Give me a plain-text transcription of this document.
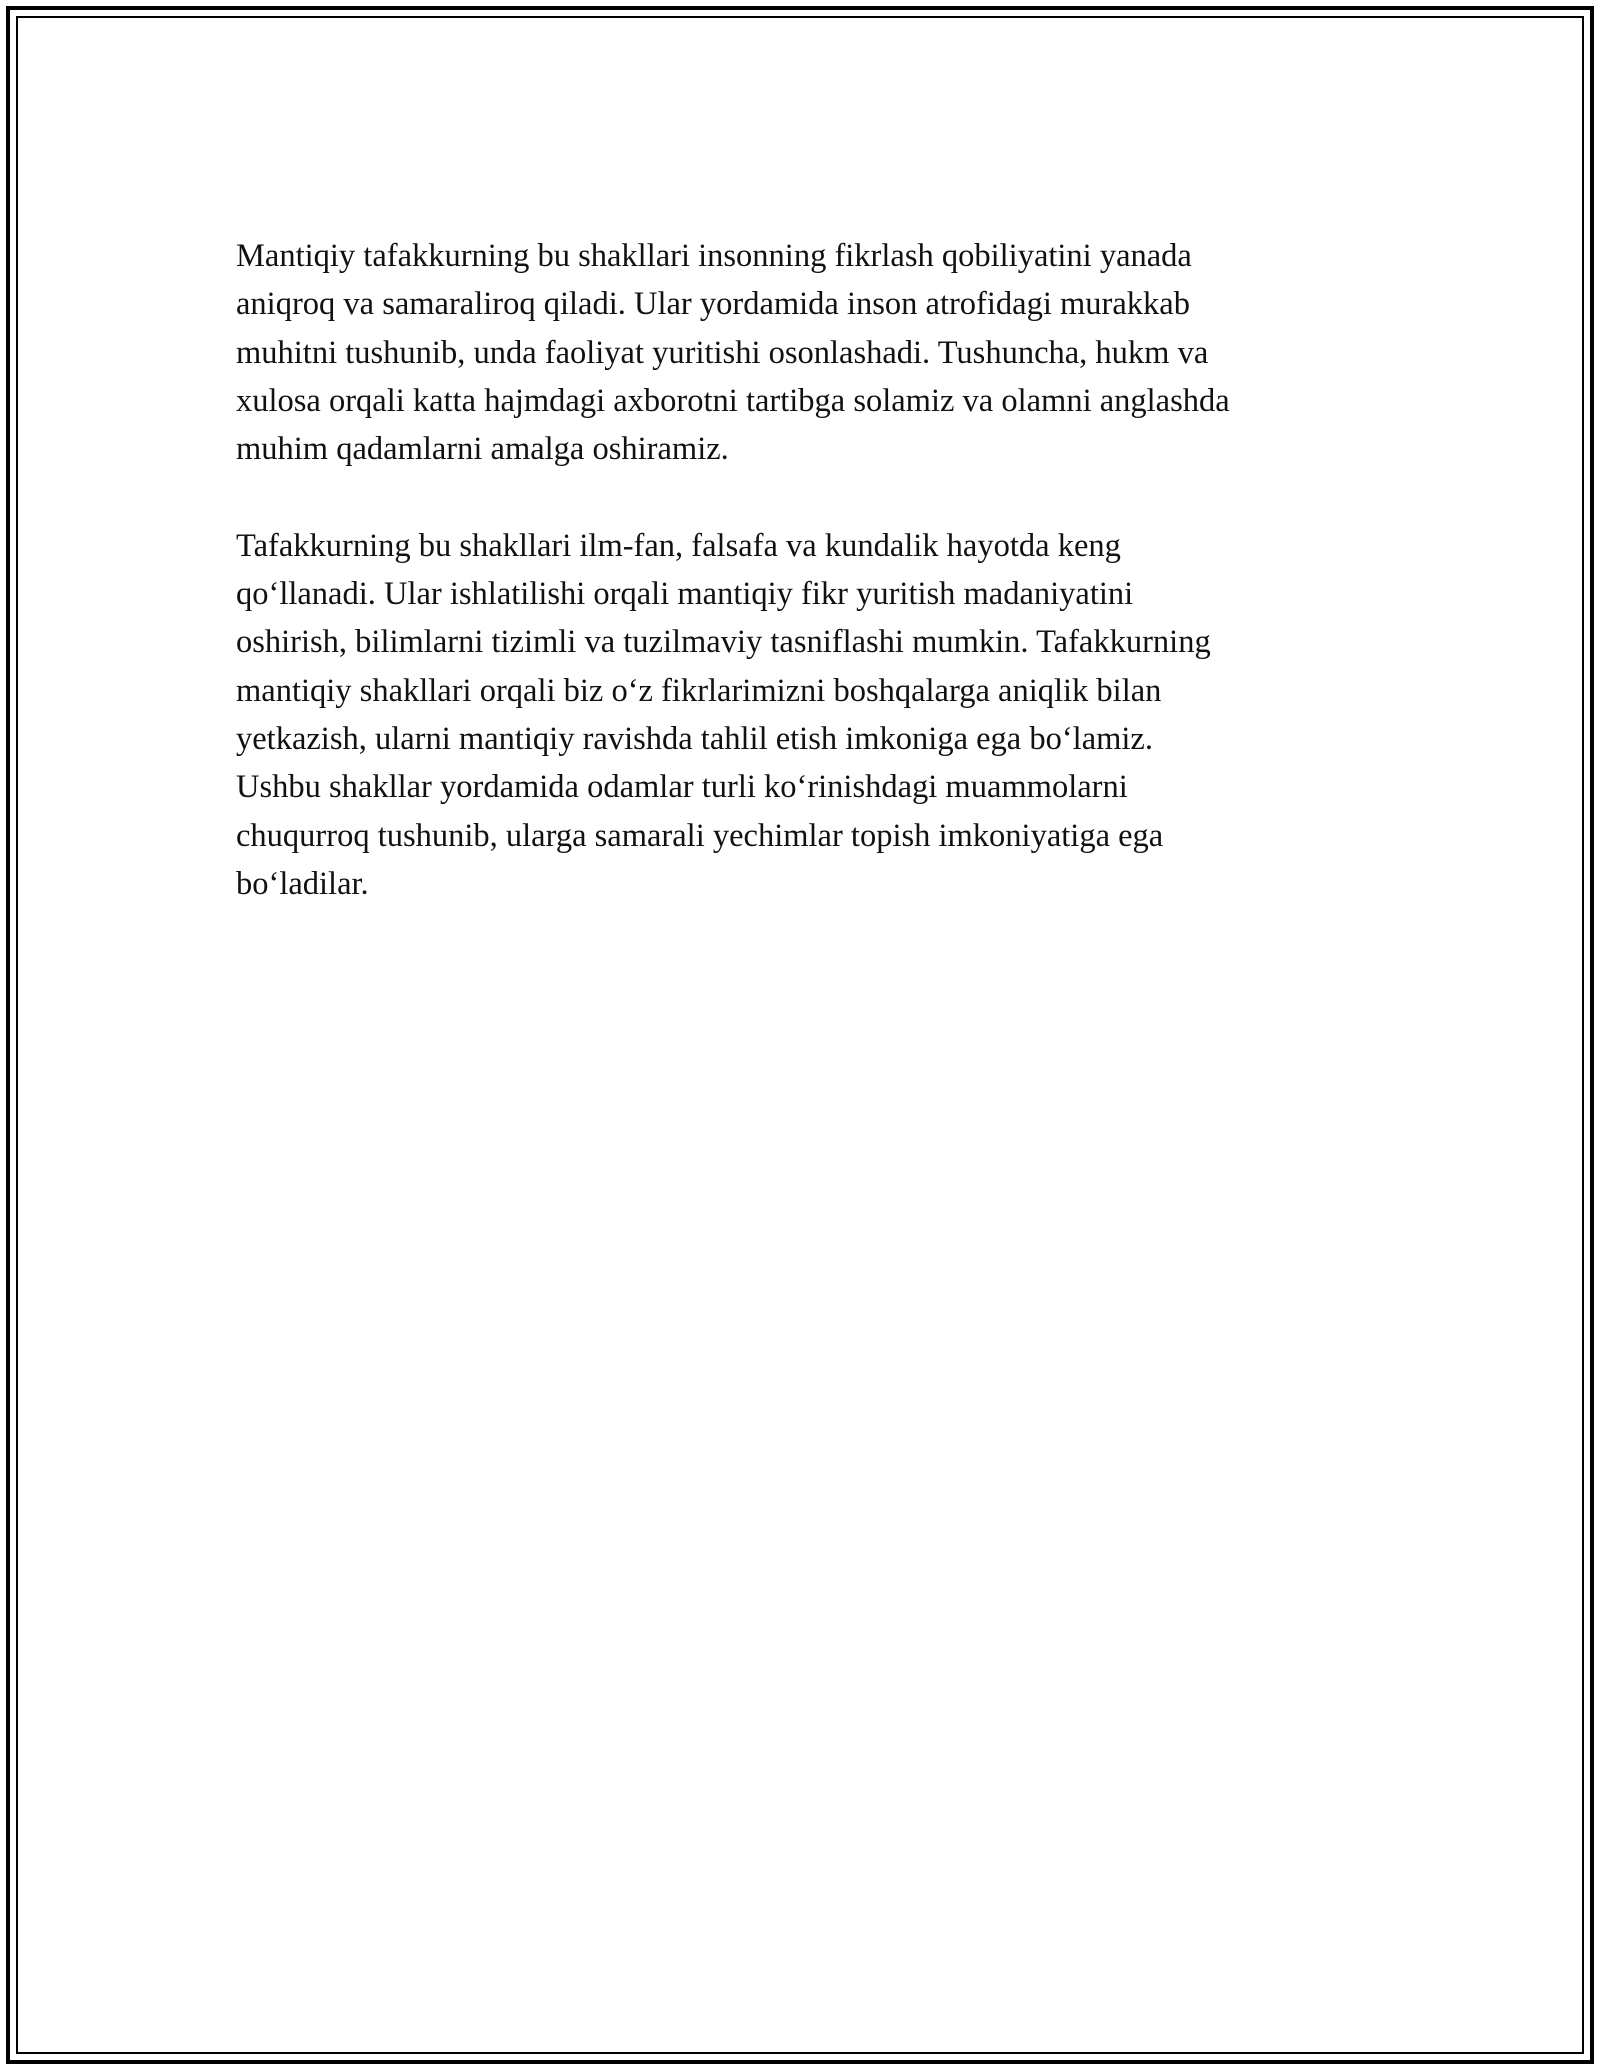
Mantiqiy tafakkurning bu shakllari insonning fikrlash qobiliyatini yanada
aniqroq va samaraliroq qiladi. Ular yordamida inson atrofidagi murakkab
muhitni tushunib, unda faoliyat yuritishi osonlashadi. Tushuncha, hukm va
xulosa orqali katta hajmdagi axborotni tartibga solamiz va olamni anglashda
muhim qadamlarni amalga oshiramiz.

Tafakkurning bu shakllari ilm-fan, falsafa va kundalik hayotda keng
qo‘llanadi. Ular ishlatilishi orqali mantiqiy fikr yuritish madaniyatini
oshirish, bilimlarni tizimli va tuzilmaviy tasniflashi mumkin. Tafakkurning
mantiqiy shakllari orqali biz o‘z fikrlarimizni boshqalarga aniqlik bilan
yetkazish, ularni mantiqiy ravishda tahlil etish imkoniga ega bo‘lamiz.
Ushbu shakllar yordamida odamlar turli ko‘rinishdagi muammolarni
chuqurroq tushunib, ularga samarali yechimlar topish imkoniyatiga ega
bo‘ladilar.
